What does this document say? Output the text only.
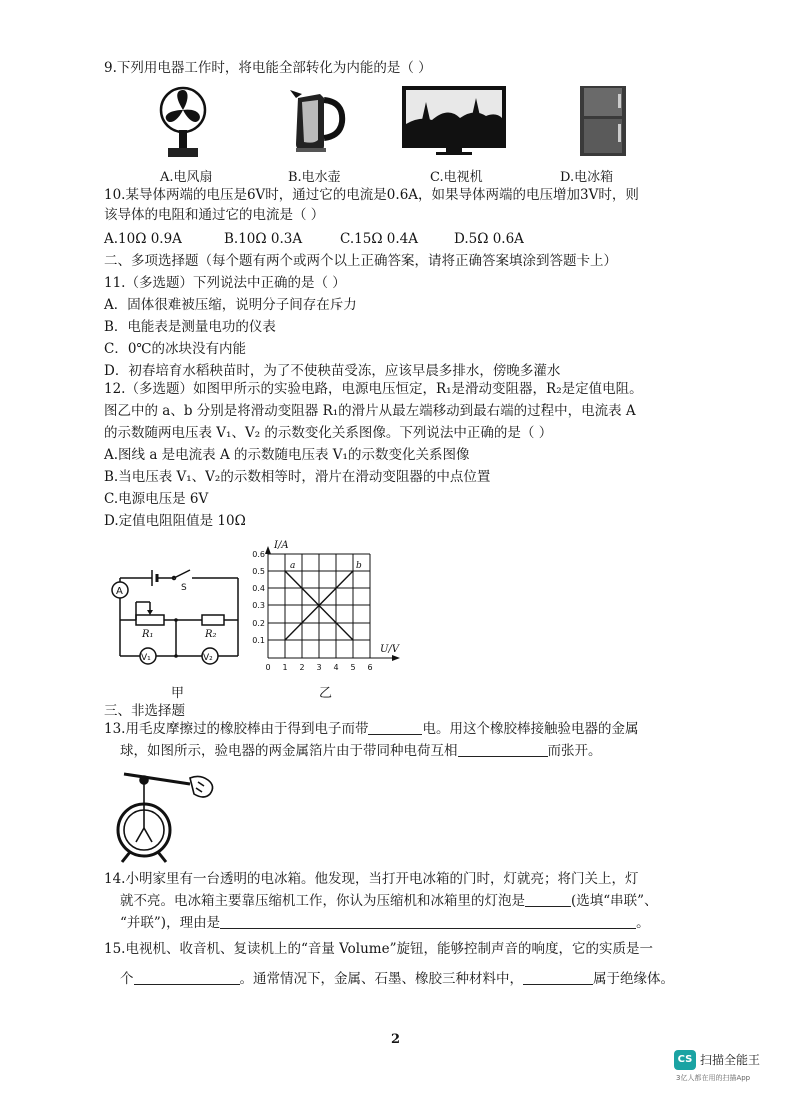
9.下列用电器工作时，将电能全部转化为内能的是（ ）
A.电风扇	B.电水壶	C.电视机	D.电冰箱
10.某导体两端的电压是6V时，通过它的电流是0.6A，如果导体两端的电压增加3V时，则
该导体的电阻和通过它的电流是（ ）
A.10Ω 0.9A	B.10Ω 0.3A	C.15Ω 0.4A	D.5Ω 0.6A
二、多项选择题（每个题有两个或两个以上正确答案，请将正确答案填涂到答题卡上）
11.（多选题）下列说法中正确的是（ ）
A．固体很难被压缩，说明分子间存在斥力
B．电能表是测量电功的仪表
C．0℃的冰块没有内能
D．初春培育水稻秧苗时，为了不使秧苗受冻，应该早晨多排水，傍晚多灌水
12.（多选题）如图甲所示的实验电路，电源电压恒定，R₁是滑动变阻器，R₂是定值电阻。
图乙中的 a、b 分别是将滑动变阻器 R₁的滑片从最左端移动到最右端的过程中，电流表 A
的示数随两电压表 V₁、V₂ 的示数变化关系图像。下列说法中正确的是（ ）
A.图线 a 是电流表 A 的示数随电压表 V₁的示数变化关系图像
B.当电压表 V₁、V₂的示数相等时，滑片在滑动变阻器的中点位置
C.电源电压是 6V
D.定值电阻阻值是 10Ω
S
A
R₁	R₂
V₁	V₂
甲
I/A
U/V
a	b
0.6
0.5
0.4
0.3
0.2
0.1
0 1 2 3 4 5 6
乙
三、非选择题
13.用毛皮摩擦过的橡胶棒由于得到电子而带	电。用这个橡胶棒接触验电器的金属
球，如图所示，验电器的两金属箔片由于带同种电荷互相	而张开。
14.小明家里有一台透明的电冰箱。他发现，当打开电冰箱的门时，灯就亮；将门关上，灯
就不亮。电冰箱主要靠压缩机工作，你认为压缩机和冰箱里的灯泡是	(选填“串联”、
“并联”)，理由是	。
15.电视机、收音机、复读机上的“音量 Volume”旋钮，能够控制声音的响度，它的实质是一
个	。通常情况下，金属、石墨、橡胶三种材料中，	属于绝缘体。
2
CS 扫描全能王
3亿人都在用的扫描App
